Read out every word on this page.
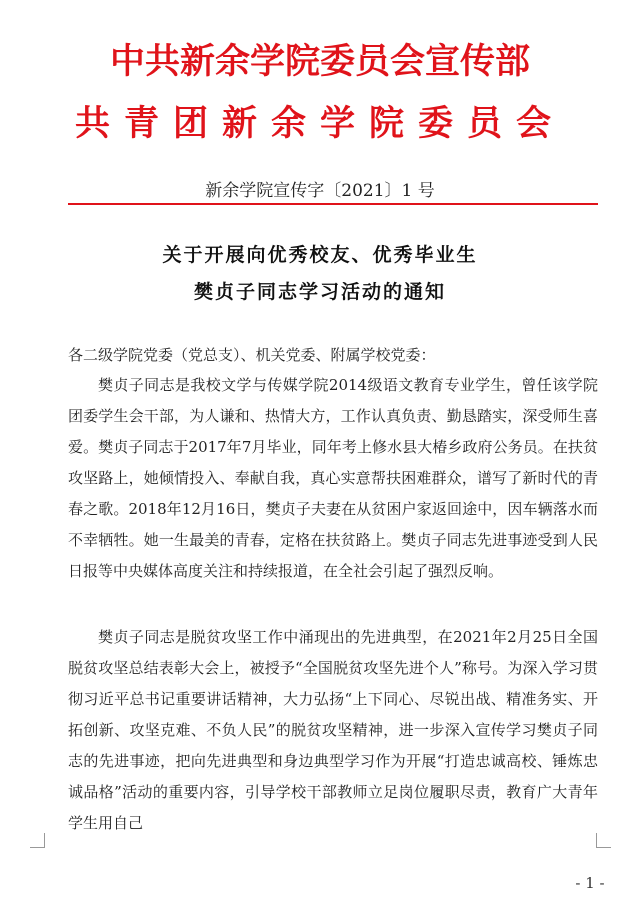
中共新余学院委员会宣传部
共青团新余学院委员会
新余学院宣传字〔2021〕1 号
关于开展向优秀校友、优秀毕业生
樊贞子同志学习活动的通知
各二级学院党委（党总支）、机关党委、附属学校党委：
樊贞子同志是我校文学与传媒学院2014级语文教育专业学生，曾任该学院团委学生会干部，为人谦和、热情大方，工作认真负责、勤恳踏实，深受师生喜爱。樊贞子同志于2017年7月毕业，同年考上修水县大椿乡政府公务员。在扶贫攻坚路上，她倾情投入、奉献自我，真心实意帮扶困难群众，谱写了新时代的青春之歌。2018年12月16日，樊贞子夫妻在从贫困户家返回途中，因车辆落水而不幸牺牲。她一生最美的青春，定格在扶贫路上。樊贞子同志先进事迹受到人民日报等中央媒体高度关注和持续报道，在全社会引起了强烈反响。
樊贞子同志是脱贫攻坚工作中涌现出的先进典型，在2021年2月25日全国脱贫攻坚总结表彰大会上，被授予“全国脱贫攻坚先进个人”称号。为深入学习贯彻习近平总书记重要讲话精神，大力弘扬“上下同心、尽锐出战、精准务实、开拓创新、攻坚克难、不负人民”的脱贫攻坚精神，进一步深入宣传学习樊贞子同志的先进事迹，把向先进典型和身边典型学习作为开展“打造忠诚高校、锤炼忠诚品格”活动的重要内容，引导学校干部教师立足岗位履职尽责，教育广大青年学生用自己
- 1 -
